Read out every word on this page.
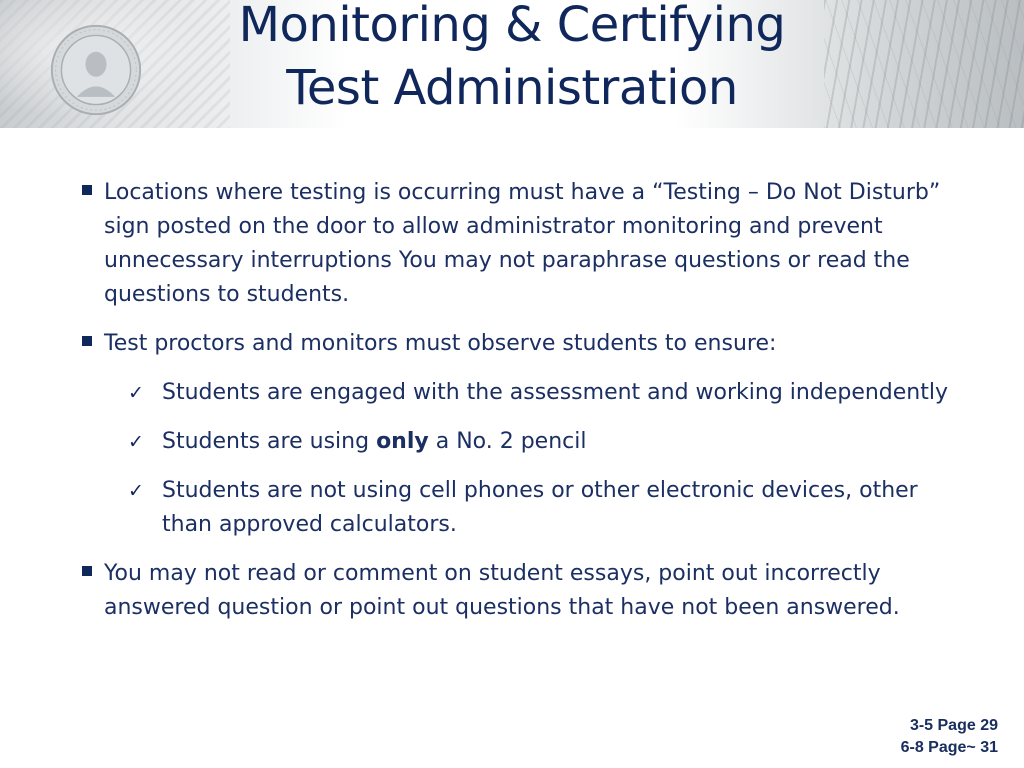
Monitoring & Certifying
Test Administration
Locations where testing is occurring must have a “Testing – Do Not Disturb” sign posted on the door to allow administrator monitoring and prevent unnecessary interruptions You may not paraphrase questions or read the questions to students.
Test proctors and monitors must observe students to ensure:
✓ Students are engaged with the assessment and working independently
✓ Students are using only a No. 2 pencil
✓ Students are not using cell phones or other electronic devices, other than approved calculators.
You may not read or comment on student essays, point out incorrectly answered question or point out questions that have not been answered.
3-5 Page 29
6-8 Page~ 31
